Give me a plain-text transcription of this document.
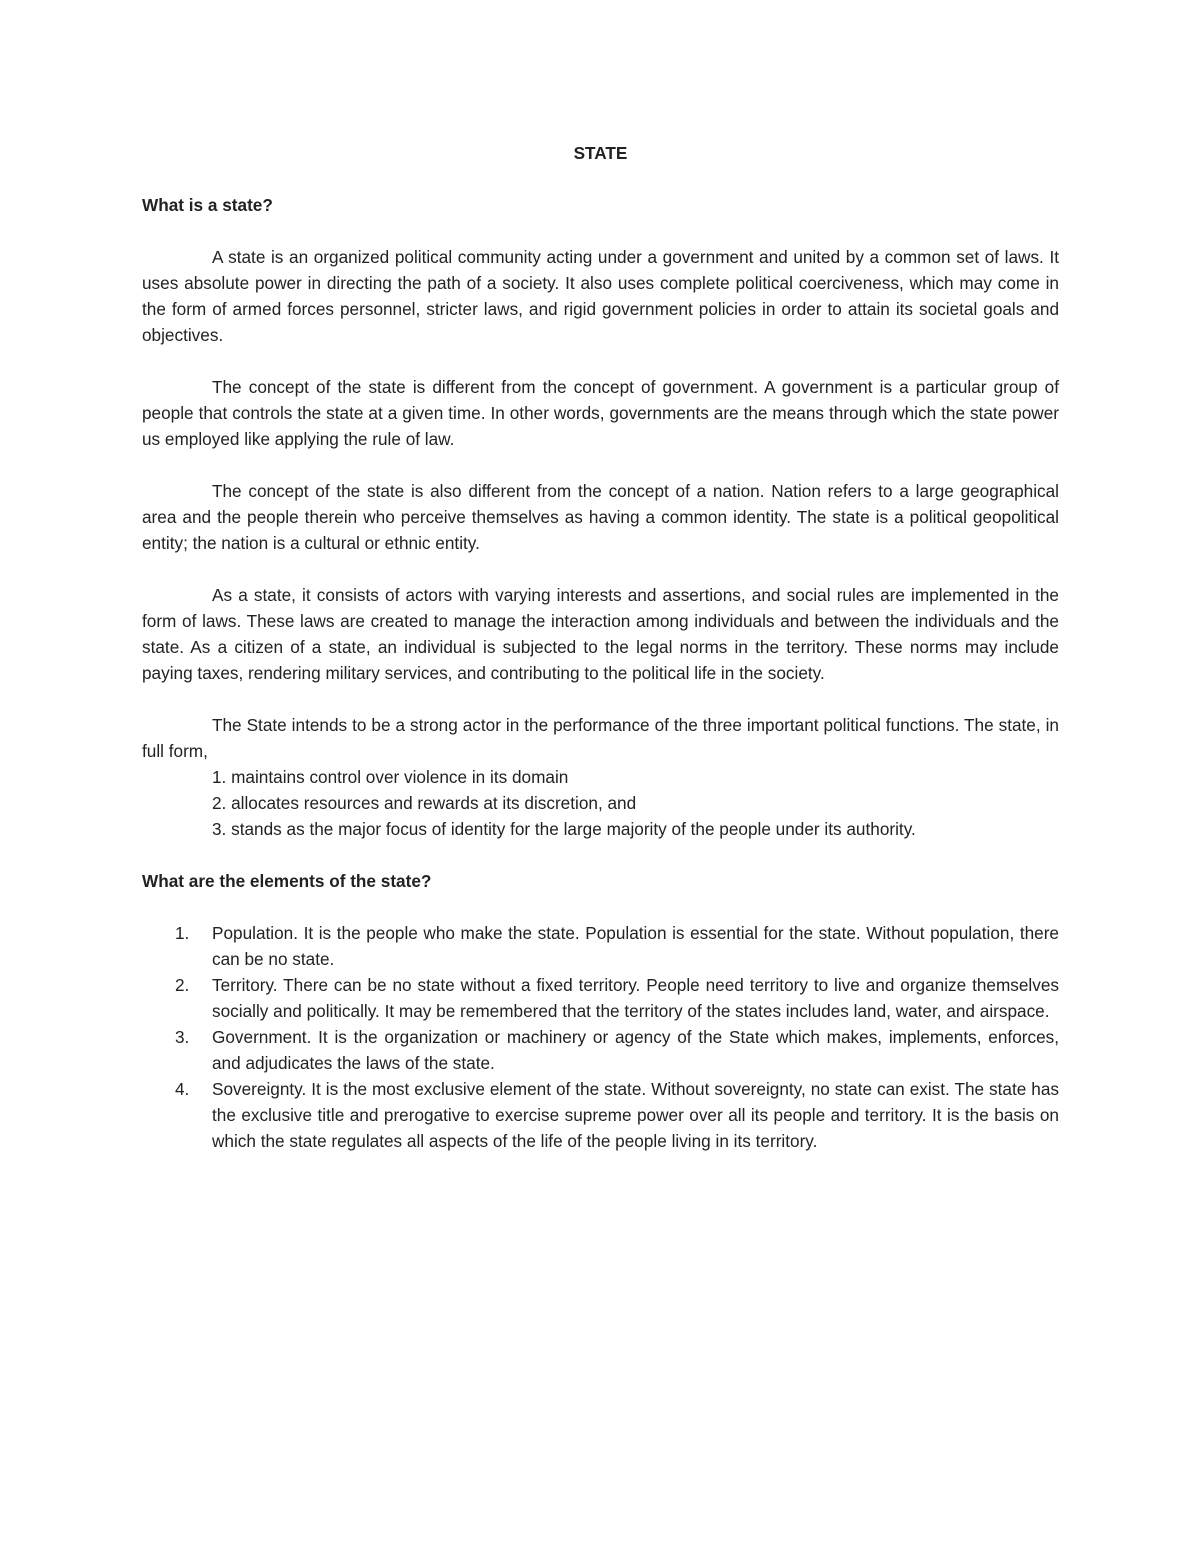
STATE
What is a state?

A state is an organized political community acting under a government and united by a common set of laws. It uses absolute power in directing the path of a society. It also uses complete political coerciveness, which may come in the form of armed forces personnel, stricter laws, and rigid government policies in order to attain its societal goals and objectives.

The concept of the state is different from the concept of government. A government is a particular group of people that controls the state at a given time. In other words, governments are the means through which the state power us employed like applying the rule of law.

The concept of the state is also different from the concept of a nation. Nation refers to a large geographical area and the people therein who perceive themselves as having a common identity. The state is a political geopolitical entity; the nation is a cultural or ethnic entity.

As a state, it consists of actors with varying interests and assertions, and social rules are implemented in the form of laws. These laws are created to manage the interaction among individuals and between the individuals and the state. As a citizen of a state, an individual is subjected to the legal norms in the territory. These norms may include paying taxes, rendering military services, and contributing to the political life in the society.

The State intends to be a strong actor in the performance of the three important political functions. The state, in full form,

1. maintains control over violence in its domain
2. allocates resources and rewards at its discretion, and
3. stands as the major focus of identity for the large majority of the people under its authority.
What are the elements of the state?
1. Population. It is the people who make the state. Population is essential for the state. Without population, there can be no state.
2. Territory. There can be no state without a fixed territory. People need territory to live and organize themselves socially and politically. It may be remembered that the territory of the states includes land, water, and airspace.
3. Government. It is the organization or machinery or agency of the State which makes, implements, enforces, and adjudicates the laws of the state.
4. Sovereignty. It is the most exclusive element of the state. Without sovereignty, no state can exist. The state has the exclusive title and prerogative to exercise supreme power over all its people and territory. It is the basis on which the state regulates all aspects of the life of the people living in its territory.
